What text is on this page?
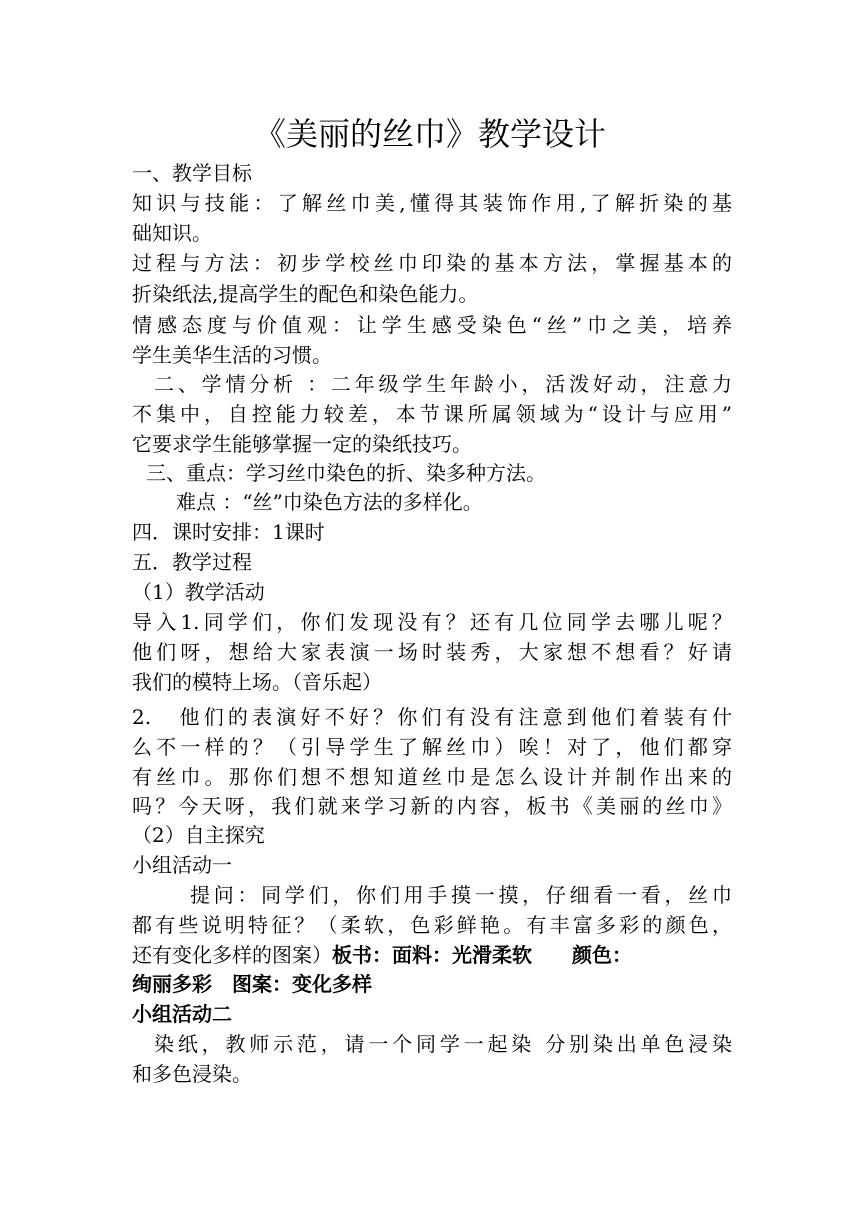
《美丽的丝巾》教学设计
一、教学目标
知识与技能：了解丝巾美,懂得其装饰作用,了解折染的基
础知识。
过程与方法：初步学校丝巾印染的基本方法，掌握基本的
折染纸法,提高学生的配色和染色能力。
情感态度与价值观：让学生感受染色“丝”巾之美，培养
学生美华生活的习惯。
二、学情分析 ：二年级学生年龄小，活泼好动，注意力
不集中，自控能力较差，本节课所属领域为“设计与应用”
它要求学生能够掌握一定的染纸技巧。
三、重点：学习丝巾染色的折、染多种方法。
难点 ：“丝”巾染色方法的多样化。
四．课时安排：1课时
五．教学过程
（1）教学活动
导入1.同学们，你们发现没有？还有几位同学去哪儿呢？
他们呀，想给大家表演一场时装秀，大家想不想看？好请
我们的模特上场。（音乐起）
2.　他们的表演好不好？你们有没有注意到他们着装有什
么不一样的？（引导学生了解丝巾）唉！对了，他们都穿
有丝巾。那你们想不想知道丝巾是怎么设计并制作出来的
吗？今天呀，我们就来学习新的内容，板书《美丽的丝巾》
（2）自主探究
小组活动一
提问：同学们，你们用手摸一摸，仔细看一看，丝巾
都有些说明特征？（柔软，色彩鲜艳。有丰富多彩的颜色，
还有变化多样的图案）板书：面料：光滑柔软　　颜色：
绚丽多彩　图案：变化多样
小组活动二
染纸，教师示范，请一个同学一起染 分别染出单色浸染
和多色浸染。
